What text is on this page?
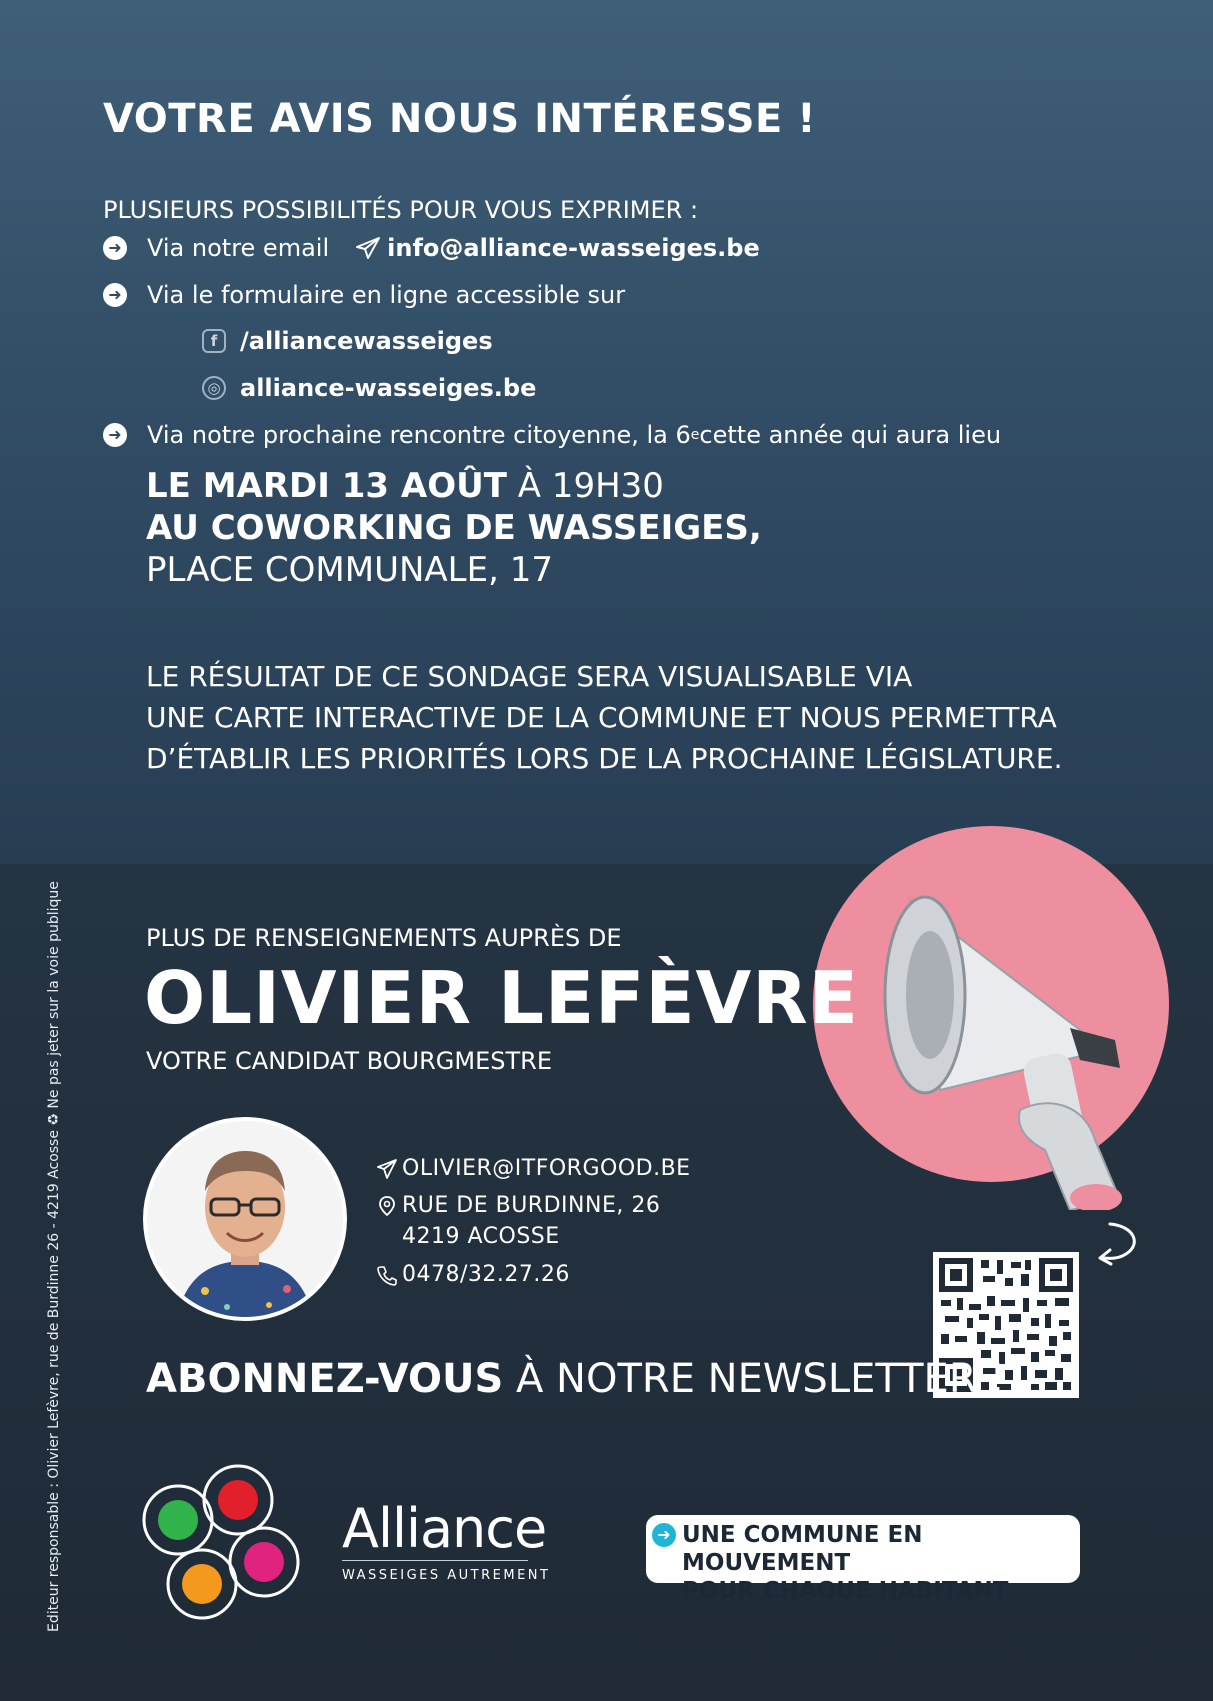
VOTRE AVIS NOUS INTÉRESSE !
PLUSIEURS POSSIBILITÉS POUR VOUS EXPRIMER :
➜ Via notre email info@alliance-wasseiges.be
➜ Via le formulaire en ligne accessible sur
f /alliancewasseiges
◎ alliance-wasseiges.be
➜ Via notre prochaine rencontre citoyenne, la 6 e cette année qui aura lieu
LE MARDI 13 AOÛT À 19H30
AU COWORKING DE WASSEIGES,
PLACE COMMUNALE, 17
LE RÉSULTAT DE CE SONDAGE SERA VISUALISABLE VIA
UNE CARTE INTERACTIVE DE LA COMMUNE ET NOUS PERMETTRA
D’ÉTABLIR LES PRIORITÉS LORS DE LA PROCHAINE LÉGISLATURE.
Editeur responsable : Olivier Lefèvre, rue de Burdinne 26 - 4219 Acosse ♻ Ne pas jeter sur la voie publique	PLUS DE RENSEIGNEMENTS AUPRÈS DE
OLIVIER LEFÈVRE
VOTRE CANDIDAT BOURGMESTRE
OLIVIER@ITFORGOOD.BE
RUE DE BURDINNE, 26
4219 ACOSSE
0478/32.27.26
ABONNEZ-VOUS À NOTRE NEWSLETTER !
Alliance
WASSEIGES AUTREMENT
➜ UNE COMMUNE EN MOUVEMENT
POUR CHAQUE HABITANT
